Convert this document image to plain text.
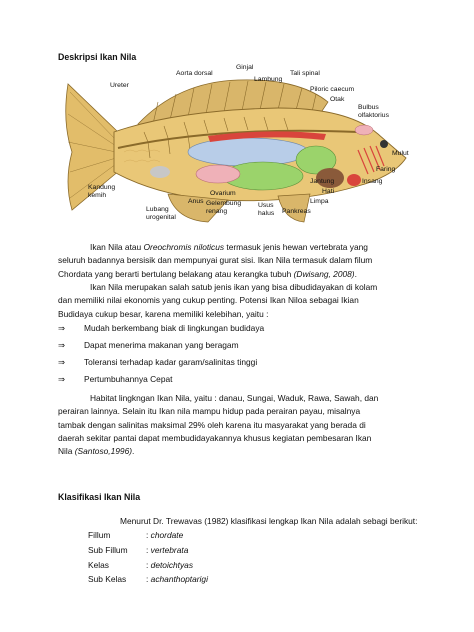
Deskripsi Ikan Nila
Ginjal
Aorta dorsal
Lambung
Tali spinal
Ureter
Piloric caecum
Otak
Bulbus
olfaktorius
Mulut
Faring
Insang
Jantung
Hati
Limpa
Pankreas
Usus
halus
Gelembung
renang
Ovarium
Anus
Lubang
urogenital
Kandung
kemih
Ikan Nila atau Oreochromis niloticus termasuk jenis hewan vertebrata yang
seluruh badannya bersisik dan mempunyai gurat sisi. Ikan Nila termasuk dalam filum
Chordata yang berarti bertulang belakang atau kerangka tubuh (Dwisang, 2008).
Ikan Nila merupakan salah satub jenis ikan yang bisa dibudidayakan di kolam
dan memiliki nilai ekonomis yang cukup penting. Potensi Ikan Niloa sebagai Ikian
Budidaya cukup besar, karena memiliki kelebihan, yaitu :
⇒ Mudah berkembang biak di lingkungan budidaya
⇒ Dapat menerima makanan yang beragam
⇒ Toleransi terhadap kadar garam/salinitas tinggi
⇒ Pertumbuhannya Cepat
Habitat lingkngan Ikan Nila, yaitu : danau, Sungai, Waduk, Rawa, Sawah, dan
perairan lainnya. Selain itu Ikan nila mampu hidup pada perairan payau, misalnya
tambak dengan salinitas maksimal 29% oleh karena itu masyarakat yang berada di
daerah sekitar pantai dapat membudidayakannya khusus kegiatan pembesaran Ikan
Nila (Santoso,1996).
Klasifikasi Ikan Nila
Menurut Dr. Trewavas (1982) klasifikasi lengkap Ikan Nila adalah sebagi berikut:
Fillum	: chordate
Sub Fillum : vertebrata
Kelas	: detoichtyas
Sub Kelas : achanthoptarigi
